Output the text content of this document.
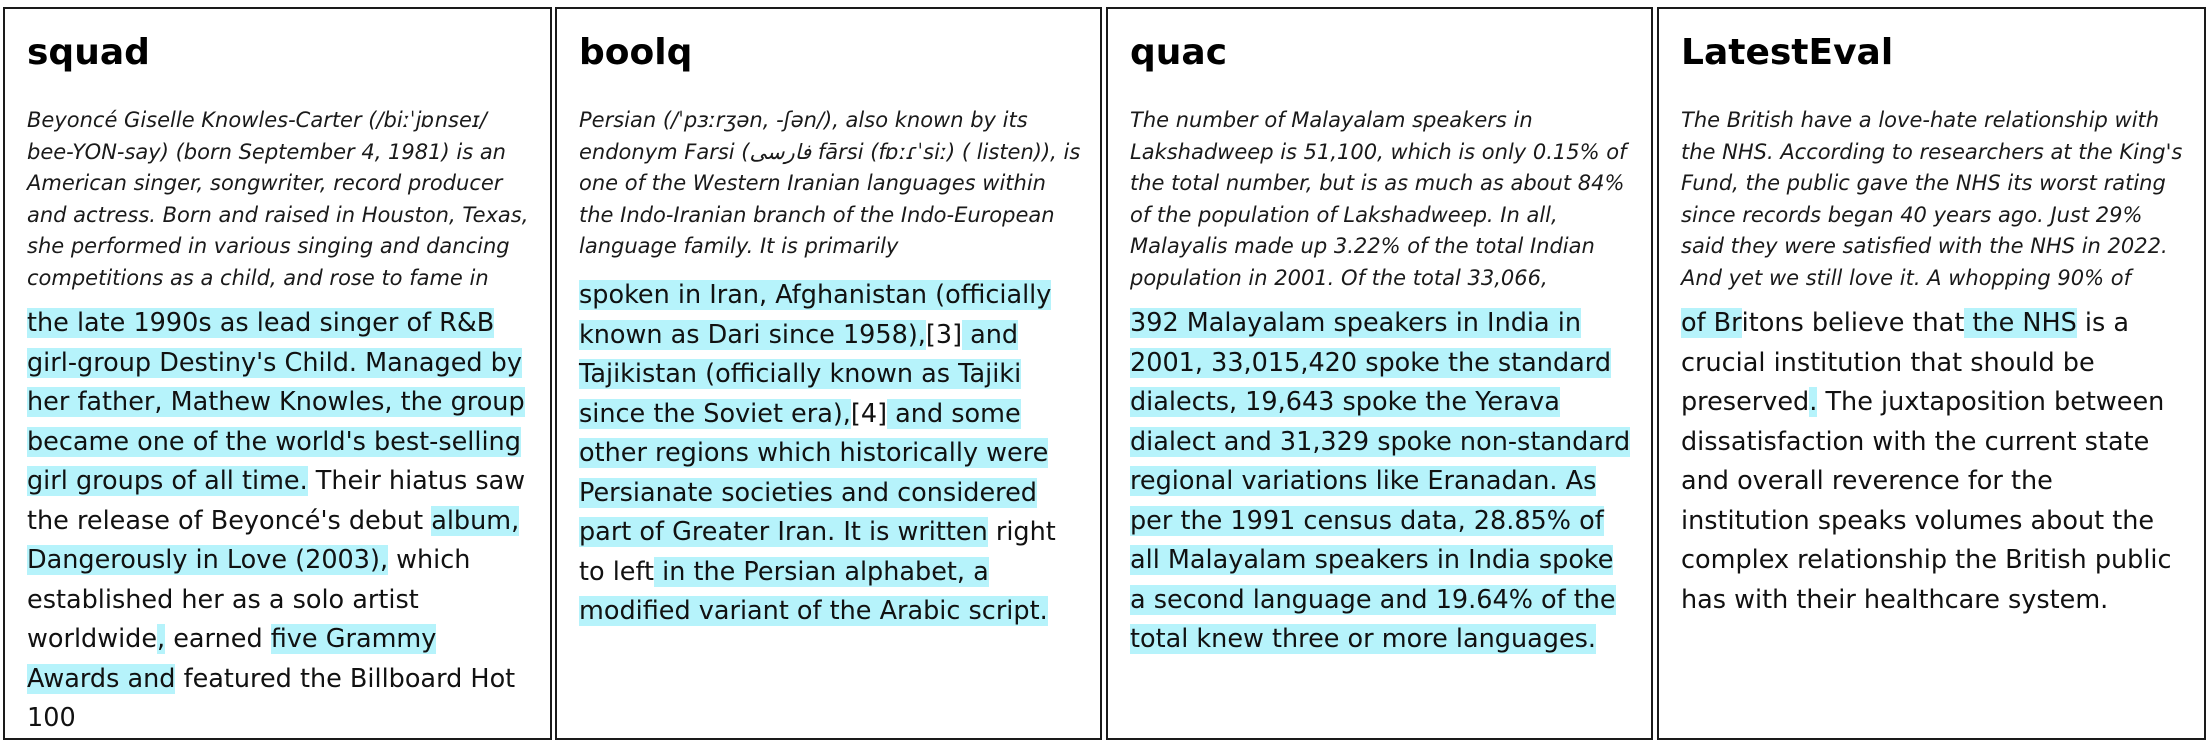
squad
Beyoncé Giselle Knowles-Carter (/biːˈjɒnseɪ/ bee-YON-say) (born September 4, 1981) is an American singer, songwriter, record producer and actress. Born and raised in Houston, Texas, she performed in various singing and dancing competitions as a child, and rose to fame in
the late 1990s as lead singer of R&B girl-group Destiny's Child. Managed by her father, Mathew Knowles, the group became one of the world's best-selling girl groups of all time. Their hiatus saw the release of Beyoncé's debut album, Dangerously in Love (2003), which established her as a solo artist worldwide, earned five Grammy Awards and featured the Billboard Hot 100
boolq
Persian (/ˈpɜːrʒən, -ʃən/), also known by its endonym Farsi (فارسی fārsi (fɒːɾˈsiː) ( listen)), is one of the Western Iranian languages within the Indo-Iranian branch of the Indo-European language family. It is primarily
spoken in Iran, Afghanistan (officially known as Dari since 1958),[3] and Tajikistan (officially known as Tajiki since the Soviet era),[4] and some other regions which historically were Persianate societies and considered part of Greater Iran. It is written right to left in the Persian alphabet, a modified variant of the Arabic script.
quac
The number of Malayalam speakers in Lakshadweep is 51,100, which is only 0.15% of the total number, but is as much as about 84% of the population of Lakshadweep. In all, Malayalis made up 3.22% of the total Indian population in 2001. Of the total 33,066,
392 Malayalam speakers in India in 2001, 33,015,420 spoke the standard dialects, 19,643 spoke the Yerava dialect and 31,329 spoke non-standard regional variations like Eranadan. As per the 1991 census data, 28.85% of all Malayalam speakers in India spoke a second language and 19.64% of the total knew three or more languages.
LatestEval
The British have a love-hate relationship with the NHS. According to researchers at the King's Fund, the public gave the NHS its worst rating since records began 40 years ago. Just 29% said they were satisfied with the NHS in 2022. And yet we still love it. A whopping 90% of
of Britons believe that the NHS is a crucial institution that should be preserved. The juxtaposition between dissatisfaction with the current state and overall reverence for the institution speaks volumes about the complex relationship the British public has with their healthcare system.
